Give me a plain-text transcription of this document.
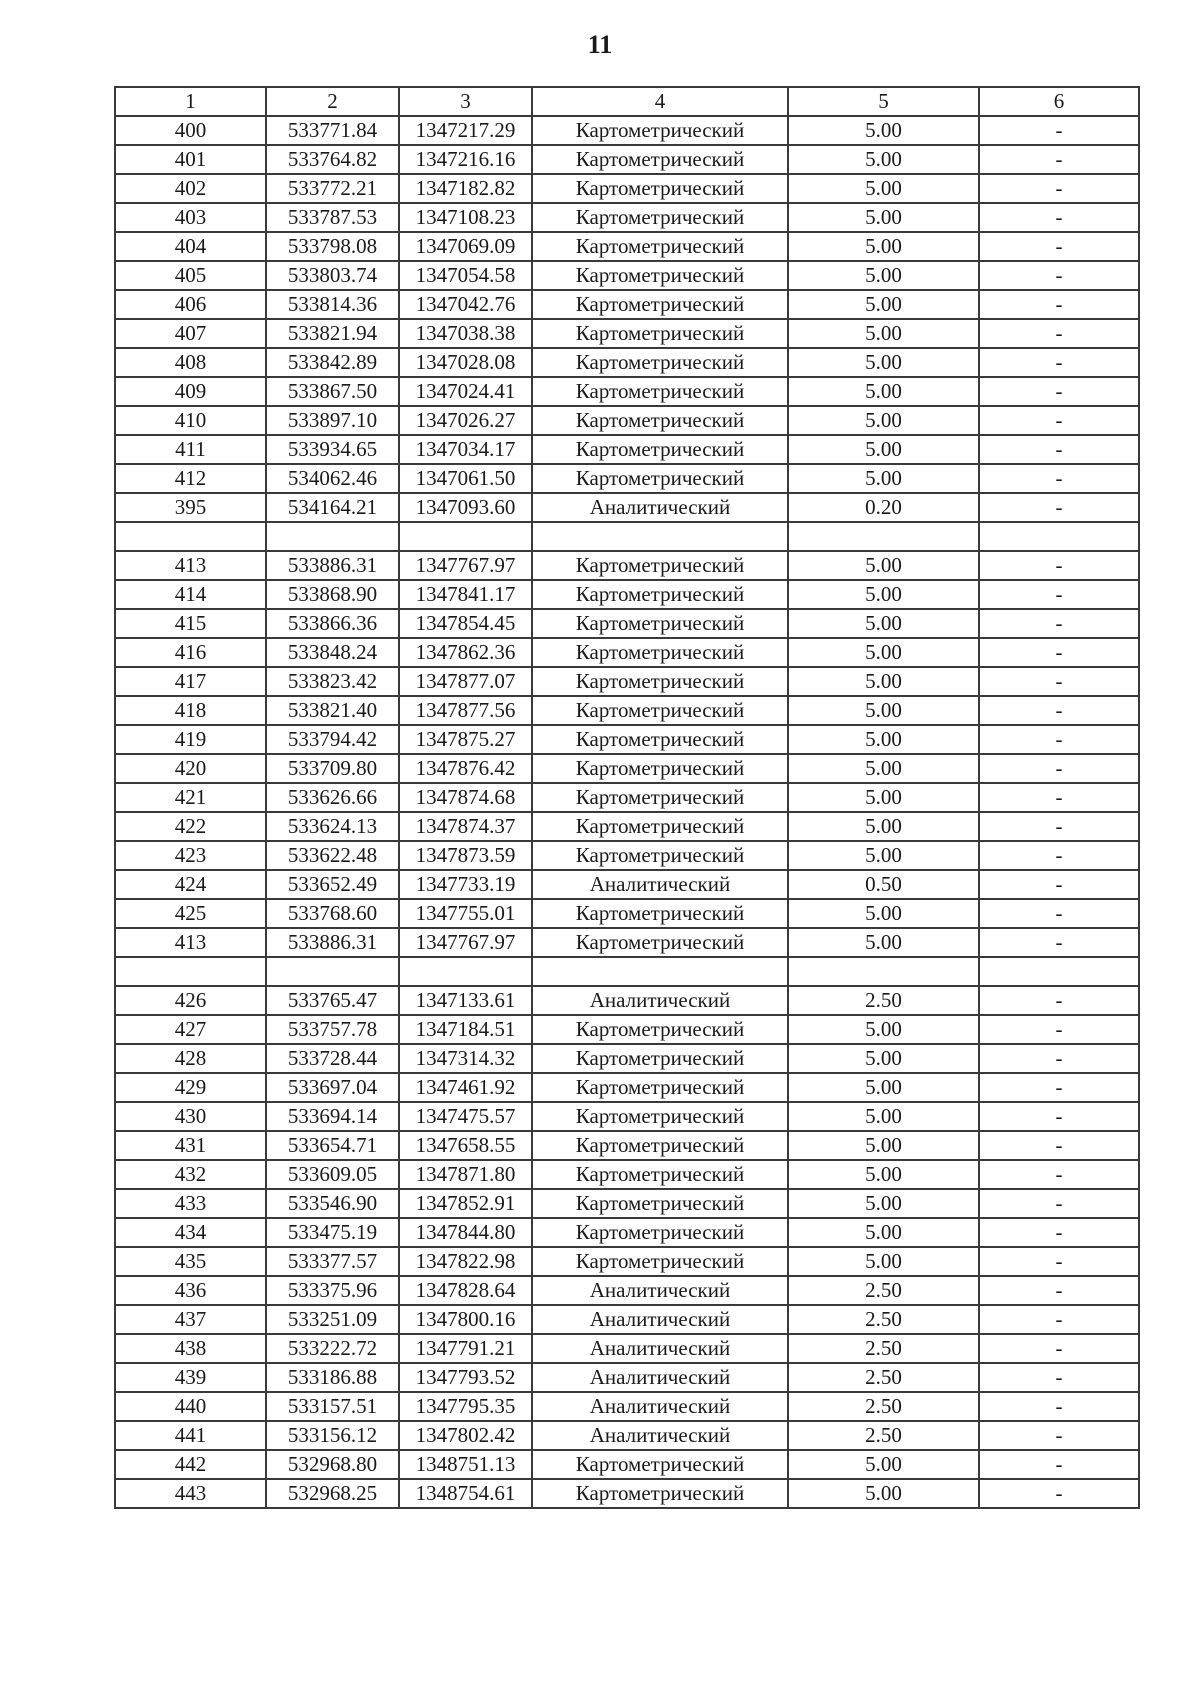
11
1	2	3	4	5	6
400	533771.84	1347217.29	Картометрический	5.00	-
401	533764.82	1347216.16	Картометрический	5.00	-
402	533772.21	1347182.82	Картометрический	5.00	-
403	533787.53	1347108.23	Картометрический	5.00	-
404	533798.08	1347069.09	Картометрический	5.00	-
405	533803.74	1347054.58	Картометрический	5.00	-
406	533814.36	1347042.76	Картометрический	5.00	-
407	533821.94	1347038.38	Картометрический	5.00	-
408	533842.89	1347028.08	Картометрический	5.00	-
409	533867.50	1347024.41	Картометрический	5.00	-
410	533897.10	1347026.27	Картометрический	5.00	-
411	533934.65	1347034.17	Картометрический	5.00	-
412	534062.46	1347061.50	Картометрический	5.00	-
395	534164.21	1347093.60	Аналитический	0.20	-

413	533886.31	1347767.97	Картометрический	5.00	-
414	533868.90	1347841.17	Картометрический	5.00	-
415	533866.36	1347854.45	Картометрический	5.00	-
416	533848.24	1347862.36	Картометрический	5.00	-
417	533823.42	1347877.07	Картометрический	5.00	-
418	533821.40	1347877.56	Картометрический	5.00	-
419	533794.42	1347875.27	Картометрический	5.00	-
420	533709.80	1347876.42	Картометрический	5.00	-
421	533626.66	1347874.68	Картометрический	5.00	-
422	533624.13	1347874.37	Картометрический	5.00	-
423	533622.48	1347873.59	Картометрический	5.00	-
424	533652.49	1347733.19	Аналитический	0.50	-
425	533768.60	1347755.01	Картометрический	5.00	-
413	533886.31	1347767.97	Картометрический	5.00	-

426	533765.47	1347133.61	Аналитический	2.50	-
427	533757.78	1347184.51	Картометрический	5.00	-
428	533728.44	1347314.32	Картометрический	5.00	-
429	533697.04	1347461.92	Картометрический	5.00	-
430	533694.14	1347475.57	Картометрический	5.00	-
431	533654.71	1347658.55	Картометрический	5.00	-
432	533609.05	1347871.80	Картометрический	5.00	-
433	533546.90	1347852.91	Картометрический	5.00	-
434	533475.19	1347844.80	Картометрический	5.00	-
435	533377.57	1347822.98	Картометрический	5.00	-
436	533375.96	1347828.64	Аналитический	2.50	-
437	533251.09	1347800.16	Аналитический	2.50	-
438	533222.72	1347791.21	Аналитический	2.50	-
439	533186.88	1347793.52	Аналитический	2.50	-
440	533157.51	1347795.35	Аналитический	2.50	-
441	533156.12	1347802.42	Аналитический	2.50	-
442	532968.80	1348751.13	Картометрический	5.00	-
443	532968.25	1348754.61	Картометрический	5.00	-
